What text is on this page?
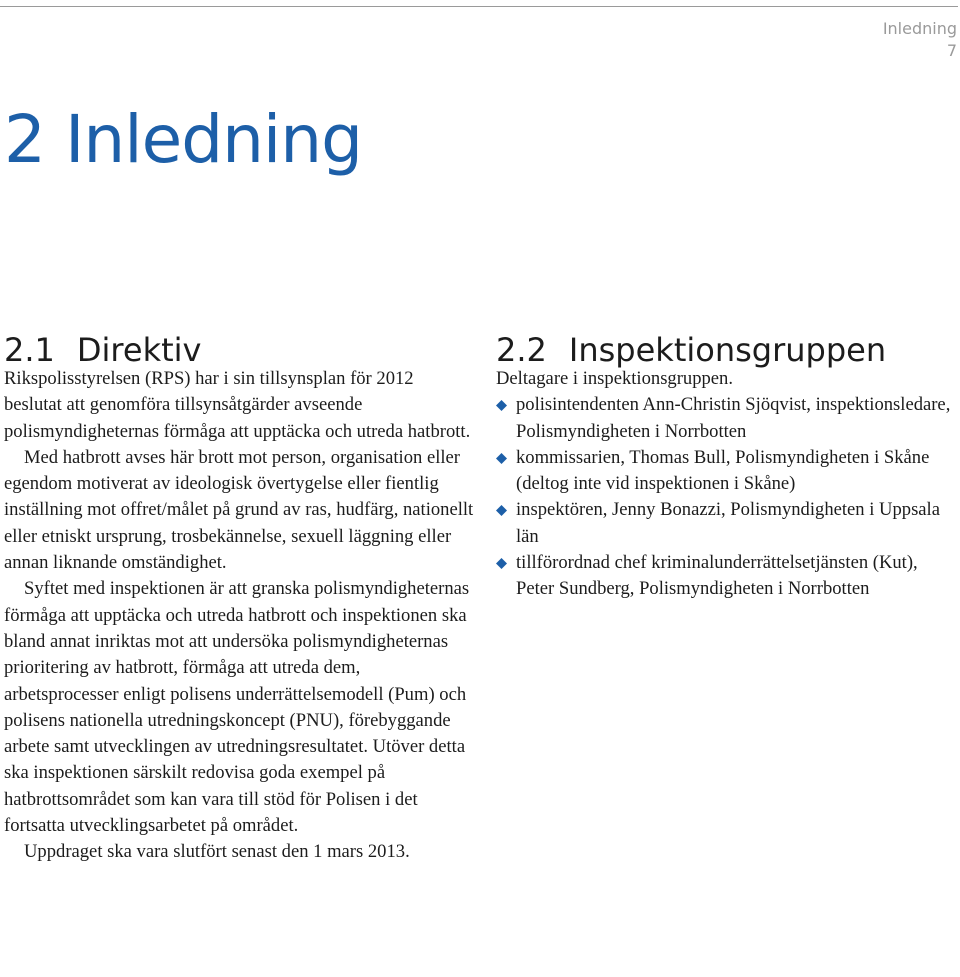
Inledning
7
2 Inledning
2.1 Direktiv

Rikspolisstyrelsen (RPS) har i sin tillsynsplan för 2012 beslutat att genomföra tillsynsåtgärder avseende polismyndigheternas förmåga att upptäcka och utreda hatbrott.

Med hatbrott avses här brott mot person, organisation eller egendom motiverat av ideologisk övertygelse eller fientlig inställning mot offret/målet på grund av ras, hudfärg, nationellt eller etniskt ursprung, trosbekännelse, sexuell läggning eller annan liknande omständighet.

Syftet med inspektionen är att granska polismyndigheternas förmåga att upptäcka och utreda hatbrott och inspektionen ska bland annat inriktas mot att undersöka polismyndigheternas prioritering av hatbrott, förmåga att utreda dem, arbetsprocesser enligt polisens underrättelsemodell (Pum) och polisens nationella utredningskoncept (PNU), förebyggande arbete samt utvecklingen av utredningsresultatet. Utöver detta ska inspektionen särskilt redovisa goda exempel på hatbrottsområdet som kan vara till stöd för Polisen i det fortsatta utvecklingsarbetet på området.

Uppdraget ska vara slutfört senast den 1 mars 2013.

2.2 Inspektionsgruppen

Deltagare i inspektionsgruppen.

polisintendenten Ann-Christin Sjöqvist, inspektionsledare, Polismyndigheten i Norrbotten
kommissarien, Thomas Bull, Polismyndigheten i Skåne (deltog inte vid inspektionen i Skåne)
inspektören, Jenny Bonazzi, Polismyndigheten i Uppsala län
tillförordnad chef kriminalunderrättelsetjänsten (Kut), Peter Sundberg, Polismyndigheten i Norrbotten
